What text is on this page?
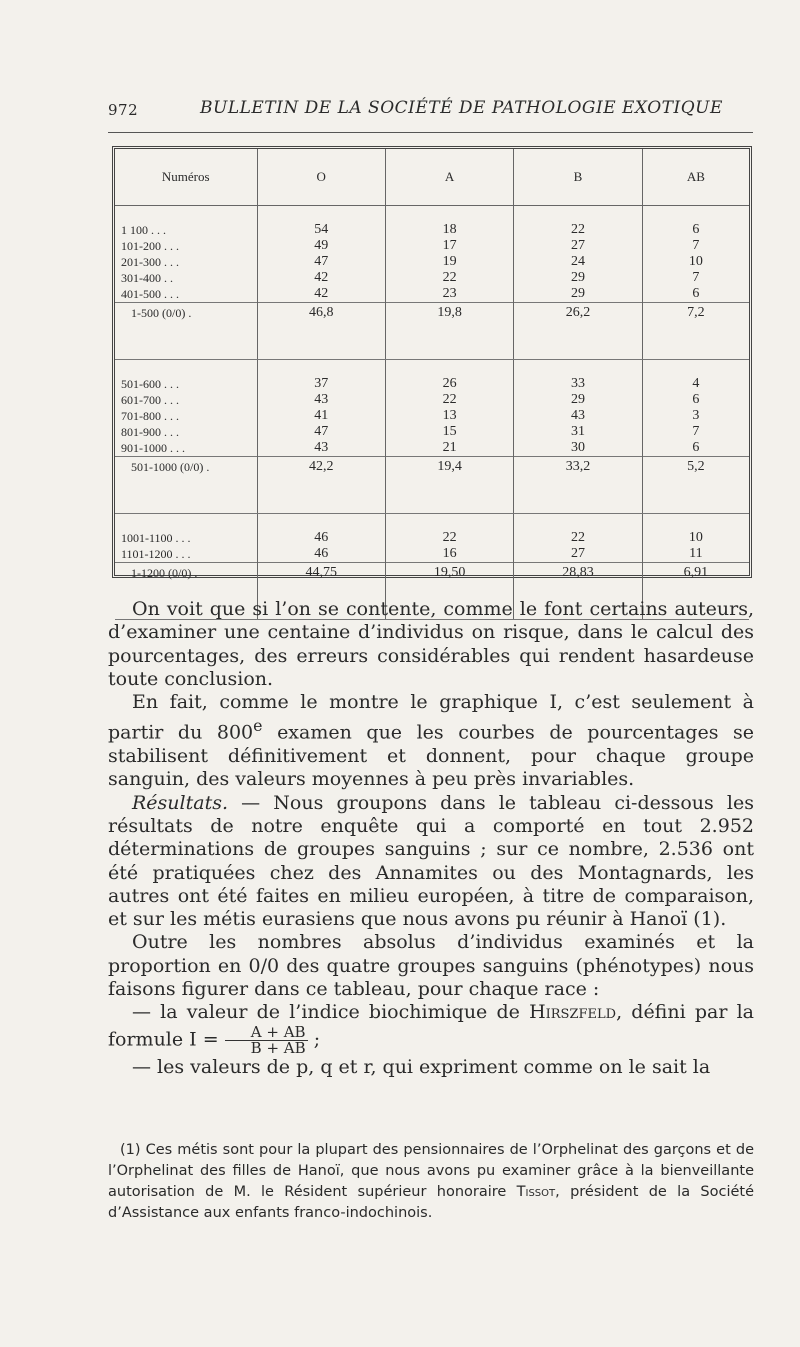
972	BULLETIN DE LA SOCIÉTÉ DE PATHOLOGIE EXOTIQUE
Numéros	O	A	B	AB

1 100 . . .	54	18	22	6
101-200 . . .	49	17	27	7
201-300 . . .	47	19	24	10
301-400 . .	42	22	29	7
401-500 . . .	42	23	29	6
1-500 (0/0) .	46,8	19,8	26,2	7,2

501-600 . . .	37	26	33	4
601-700 . . .	43	22	29	6
701-800 . . .	41	13	43	3
801-900 . . .	47	15	31	7
901-1000 . . .	43	21	30	6
501-1000 (0/0) .	42,2	19,4	33,2	5,2

1001-1100 . . .	46	22	22	10
1101-1200 . . .	46	16	27	11
1-1200 (0/0) .	44,75	19,50	28,83	6,91

On voit que si l’on se contente, comme le font certains auteurs, d’examiner une centaine d’individus on risque, dans le calcul des pourcentages, des erreurs considérables qui rendent hasardeuse toute conclusion.

En fait, comme le montre le graphique I, c’est seulement à partir du 800e examen que les courbes de pourcentages se stabilisent définitivement et donnent, pour chaque groupe sanguin, des valeurs moyennes à peu près invariables.

Résultats. — Nous groupons dans le tableau ci-dessous les résultats de notre enquête qui a comporté en tout 2.952 déterminations de groupes sanguins ; sur ce nombre, 2.536 ont été pratiquées chez des Annamites ou des Montagnards, les autres ont été faites en milieu européen, à titre de comparaison, et sur les métis eurasiens que nous avons pu réunir à Hanoï (1).

Outre les nombres absolus d’individus examinés et la proportion en 0/0 des quatre groupes sanguins (phénotypes) nous faisons figurer dans ce tableau, pour chaque race :

— la valeur de l’indice biochimique de Hirszfeld, défini par la formule $I = \frac{A + AB}{B + AB}$ ;

— les valeurs de p, q et r, qui expriment comme on le sait la

(1) Ces métis sont pour la plupart des pensionnaires de l’Orphelinat des garçons et de l’Orphelinat des filles de Hanoï, que nous avons pu examiner grâce à la bienveillante autorisation de M. le Résident supérieur honoraire Tissot, président de la Société d’Assistance aux enfants franco-indochinois.
